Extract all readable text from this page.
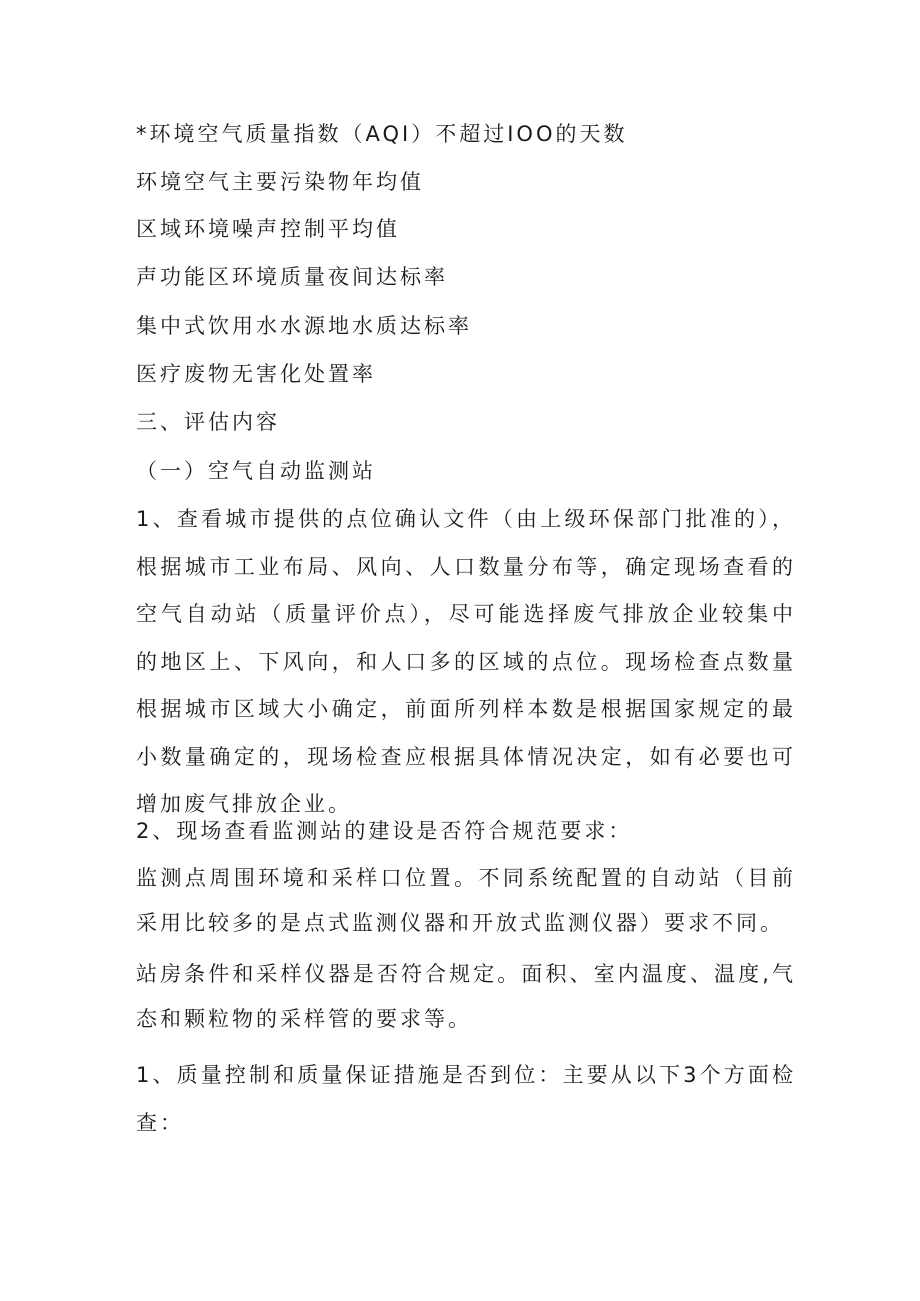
*环境空气质量指数（AQI）不超过IOO的天数
环境空气主要污染物年均值
区域环境噪声控制平均值
声功能区环境质量夜间达标率
集中式饮用水水源地水质达标率
医疗废物无害化处置率
三、评估内容
（一）空气自动监测站
1、查看城市提供的点位确认文件（由上级环保部门批准的），根据城市工业布局、风向、人口数量分布等，确定现场查看的空气自动站（质量评价点），尽可能选择废气排放企业较集中的地区上、下风向，和人口多的区域的点位。现场检查点数量根据城市区域大小确定，前面所列样本数是根据国家规定的最小数量确定的，现场检查应根据具体情况决定，如有必要也可增加废气排放企业。
2、现场查看监测站的建设是否符合规范要求：
监测点周围环境和采样口位置。不同系统配置的自动站（目前采用比较多的是点式监测仪器和开放式监测仪器）要求不同。
站房条件和采样仪器是否符合规定。面积、室内温度、温度,气态和颗粒物的采样管的要求等。
1、质量控制和质量保证措施是否到位：主要从以下3个方面检查：
